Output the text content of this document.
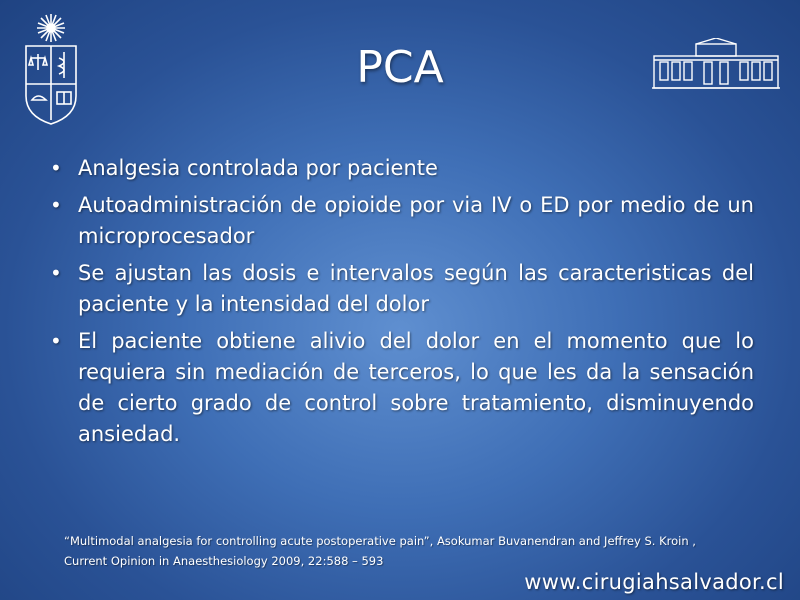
PCA
• Analgesia controlada por paciente
• Autoadministración de opioide por via IV o ED por medio de un microprocesador
• Se ajustan las dosis e intervalos según las caracteristicas del paciente y la intensidad del dolor
• El paciente obtiene alivio del dolor en el momento que lo requiera sin mediación de terceros, lo que les da la sensación de cierto grado de control sobre tratamiento, disminuyendo ansiedad.
“Multimodal analgesia for controlling acute postoperative pain”, Asokumar Buvanendran and Jeffrey S. Kroin , Current Opinion in Anaesthesiology 2009, 22:588 – 593
www.cirugiahsalvador.cl
